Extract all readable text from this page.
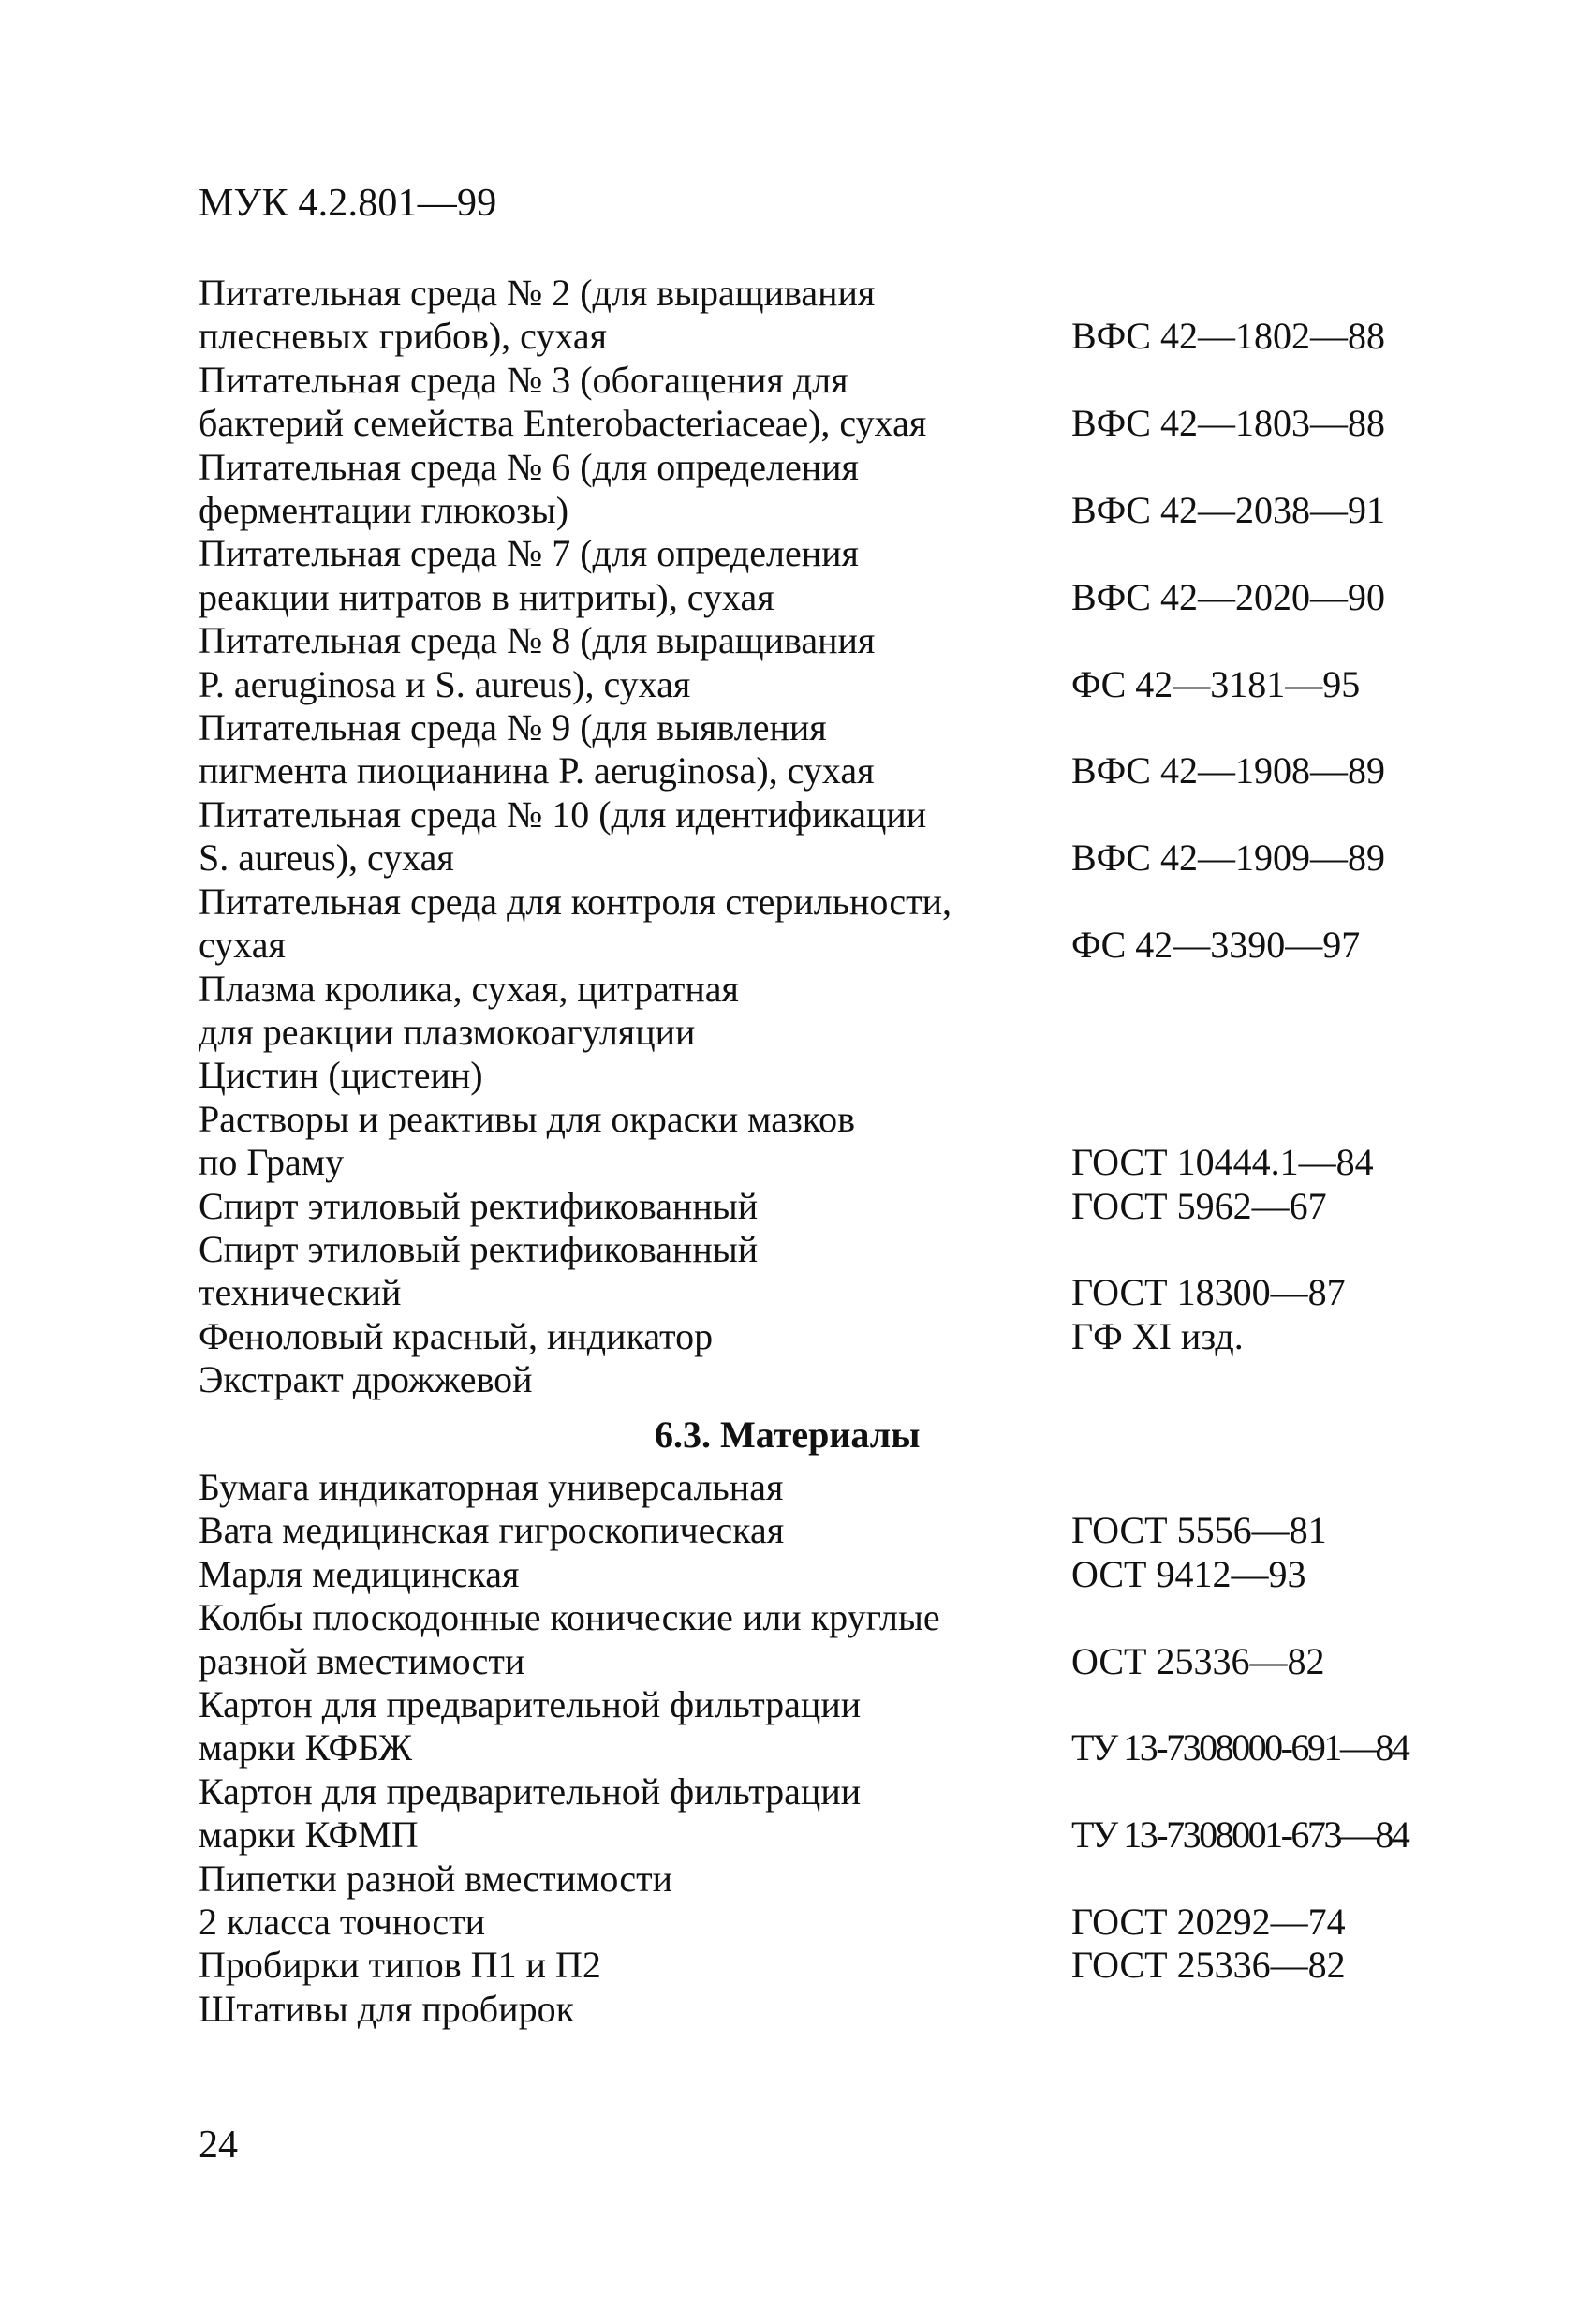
МУК 4.2.801—99
Питательная среда № 2 (для выращивания
плесневых грибов), сухая	ВФС 42—1802—88
Питательная среда № 3 (обогащения для
бактерий семейства Enterobacteriaceae), сухая	ВФС 42—1803—88
Питательная среда № 6 (для определения
ферментации глюкозы)	ВФС 42—2038—91
Питательная среда № 7 (для определения
реакции нитратов в нитриты), сухая	ВФС 42—2020—90
Питательная среда № 8 (для выращивания
P. aeruginosa и S. aureus), сухая	ФС 42—3181—95
Питательная среда № 9 (для выявления
пигмента пиоцианина P. aeruginosa), сухая	ВФС 42—1908—89
Питательная среда № 10 (для идентификации
S. aureus), сухая	ВФС 42—1909—89
Питательная среда для контроля стерильности,
сухая	ФС 42—3390—97
Плазма кролика, сухая, цитратная
для реакции плазмокоагуляции
Цистин (цистеин)
Растворы и реактивы для окраски мазков
по Граму	ГОСТ 10444.1—84
Спирт этиловый ректификованный	ГОСТ 5962—67
Спирт этиловый ректификованный
технический	ГОСТ 18300—87
Феноловый красный, индикатор	ГФ XI изд.
Экстракт дрожжевой
6.3. Материалы
Бумага индикаторная универсальная
Вата медицинская гигроскопическая	ГОСТ 5556—81
Марля медицинская	ОСТ 9412—93
Колбы плоскодонные конические или круглые
разной вместимости	ОСТ 25336—82
Картон для предварительной фильтрации
марки КФБЖ	ТУ 13-7308000-691—84
Картон для предварительной фильтрации
марки КФМП	ТУ 13-7308001-673—84
Пипетки разной вместимости
2 класса точности	ГОСТ 20292—74
Пробирки типов П1 и П2	ГОСТ 25336—82
Штативы для пробирок
24
